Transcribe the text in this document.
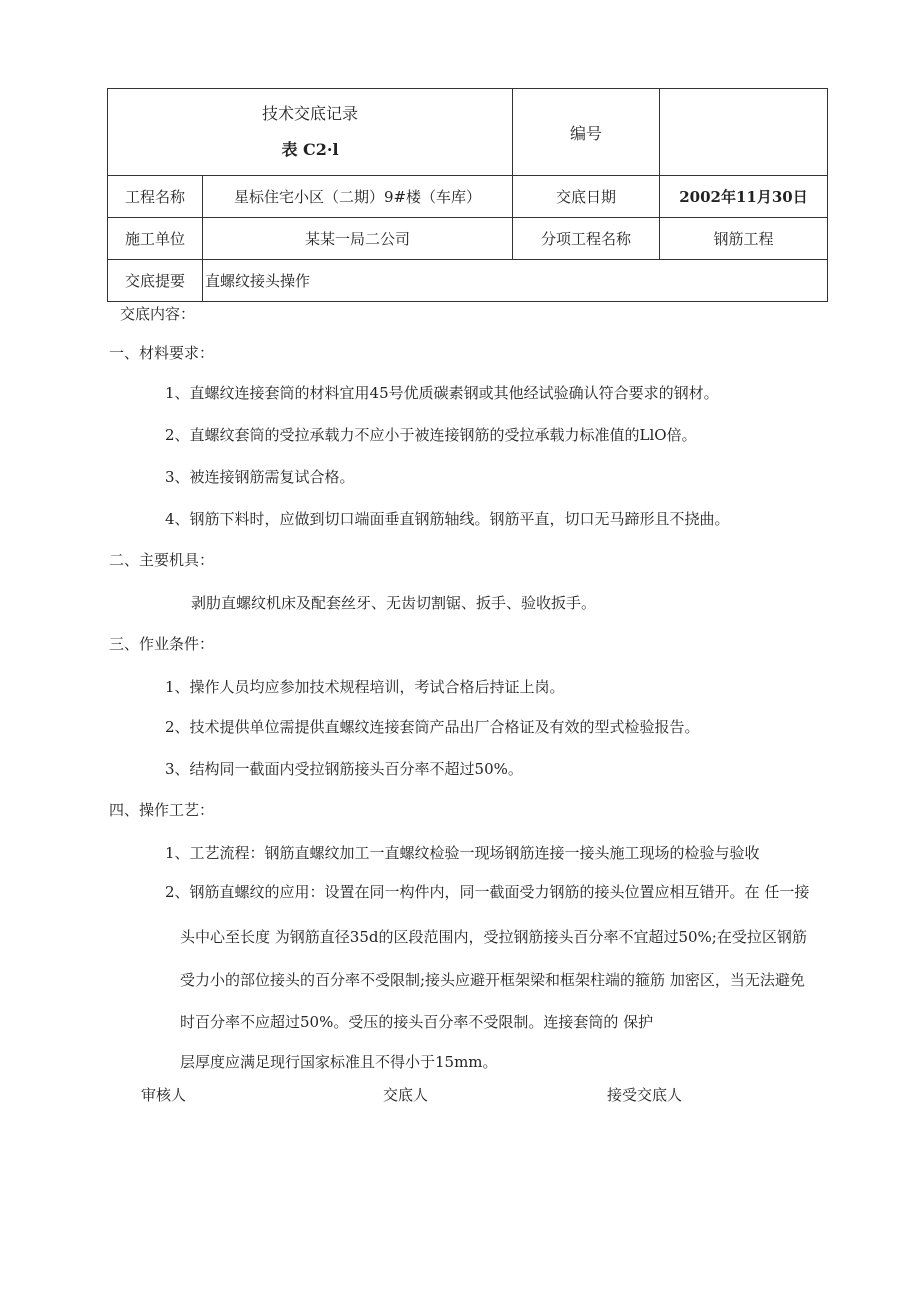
技术交底记录
表 C2·l
编号
工程名称	星标住宅小区（二期）9#楼（车库）	交底日期	2002年11月30日
施工单位	某某一局二公司	分项工程名称	钢筋工程
交底提要 直螺纹接头操作
交底内容：
一、材料要求：
1、直螺纹连接套筒的材料宜用45号优质碳素钢或其他经试验确认符合要求的钢材。
2、直螺纹套筒的受拉承载力不应小于被连接钢筋的受拉承载力标准值的LlO倍。
3、被连接钢筋需复试合格。
4、钢筋下料时，应做到切口端面垂直钢筋轴线。钢筋平直，切口无马蹄形且不挠曲。
二、主要机具：
剥肋直螺纹机床及配套丝牙、无齿切割锯、扳手、验收扳手。
三、作业条件：
1、操作人员均应参加技术规程培训，考试合格后持证上岗。
2、技术提供单位需提供直螺纹连接套筒产品出厂合格证及有效的型式检验报告。
3、结构同一截面内受拉钢筋接头百分率不超过50%。
四、操作工艺：
1、工艺流程：钢筋直螺纹加工一直螺纹检验一现场钢筋连接一接头施工现场的检验与验收
2、钢筋直螺纹的应用：设置在同一构件内，同一截面受力钢筋的接头位置应相互错开。在 任一接
头中心至长度 为钢筋直径35d的区段范围内，受拉钢筋接头百分率不宜超过50%;在受拉区钢筋
受力小的部位接头的百分率不受限制;接头应避开框架梁和框架柱端的箍筋 加密区，当无法避免
时百分率不应超过50%。受压的接头百分率不受限制。连接套筒的 保护
层厚度应满足现行国家标准且不得小于15mm。
审核人	交底人	接受交底人
